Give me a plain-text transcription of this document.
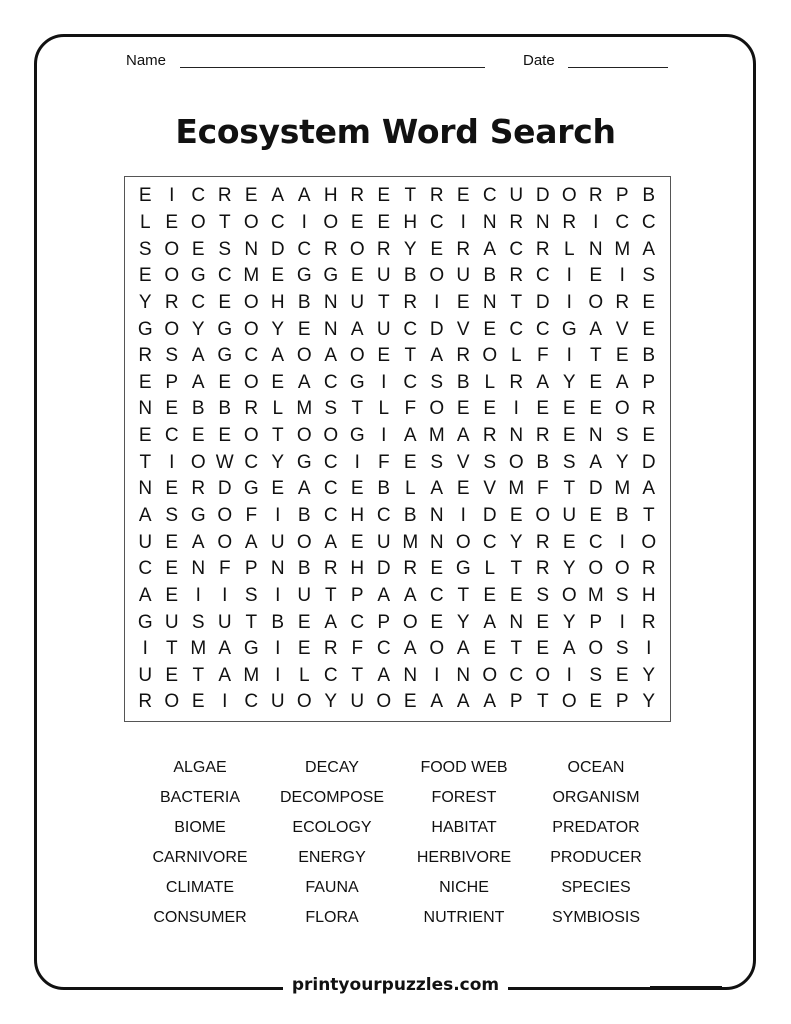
Name	Date
Ecosystem Word Search
E I C R E A A H R E T R E C U D O R P B
L E O T O C I O E E H C I N R N R I C C
S O E S N D C R O R Y E R A C R L N M A
E O G C M E G G E U B O U B R C I E I S
Y R C E O H B N U T R I E N T D I O R E
G O Y G O Y E N A U C D V E C C G A V E
R S A G C A O A O E T A R O L F I T E B
E P A E O E A C G I C S B L R A Y E A P
N E B B R L M S T L F O E E I E E E O R
E C E E O T O O G I A M A R N R E N S E
T I O W C Y G C I F E S V S O B S A Y D
N E R D G E A C E B L A E V M F T D M A
A S G O F I B C H C B N I D E O U E B T
U E A O A U O A E U M N O C Y R E C I O
C E N F P N B R H D R E G L T R Y O O R
A E I	I S I U T P A A C T E E S O M S H
G U S U T B E A C P O E Y A N E Y P I R
I T M A G I E R F C A O A E T E A O S I
U E T A M I L C T A N I N O C O I S E Y
R O E I C U O Y U O E A A A P T O E P Y
ALGAE	DECAY	FOOD WEB	OCEAN
BACTERIA	DECOMPOSE	FOREST	ORGANISM
BIOME	ECOLOGY	HABITAT	PREDATOR
CARNIVORE	ENERGY	HERBIVORE	PRODUCER
CLIMATE	FAUNA	NICHE	SPECIES
CONSUMER	FLORA	NUTRIENT	SYMBIOSIS
printyourpuzzles.com
